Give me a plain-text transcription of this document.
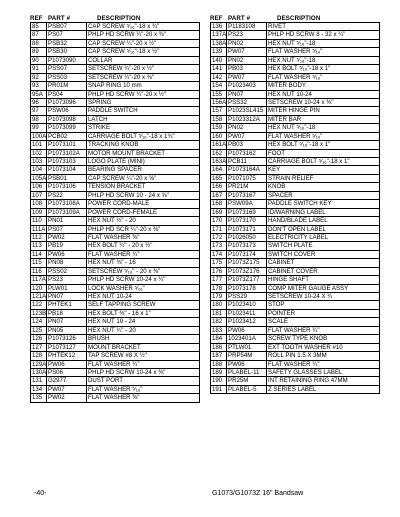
REF PART #	DESCRIPTION
85	PSB07	CAP SCREW ⁵⁄₁₆"-18 x ¾"
87	PS07	PHLP HD SCRW ¼"-20 x ⅜"
88	PSB32	CAP SCREW ¼"-20 x ½"
89	PSB30	CAP SCREW ⁵⁄₁₆"-18 x ½"
90	P1073090	COLLAR
91	PSS07	SETSCREW ¼"-20 x ½"
92	PSS03	SETSCREW ¼"-20 x ⅜"
93	PR01M	SNAP RING 10 mm
95A PS04	PHLP HD SCRW ¼"-20 x ½"
96	P1073096	SPRING
97	PSW06	PADDLE SWITCH
98	P1073098	LATCH
99	P1073099	STRIKE
100A PCB02	CARRIAGE BOLT ⁵⁄₁₆"-18 x 1¾"
101 P1073101	TRACKING KNOB
102 P1073102A	MOTOR MOUNT BRACKET
103 P1073103	LOGO PLATE (MINI)
104 P1073104	BEARING SPACER
105A PSB01	CAP SCREW ¼"-20 x ⅝"
106 P1073106	TENSION BRACKET
107 PS22	PHLP HD SCRW 10 - 24 x ⅝"
108 P1073108A	POWER CORD-MALE
109 P1073109A	POWER CORD-FEMALE
110	PN01	HEX NUT ½" - 20
111A PS07	PHLP HD SCR ¼"-20 x ⅜"
112	PW02	FLAT WASHER ⅜"
113	PB19	HEX BOLT ¼" - 20 x ½"
114	PW06	FLAT WASHER ¼"
115	PN08	HEX NUT ⅜" - 16
116	PSS02	SETSCREW ⁵⁄₁₆" - 20 x ⅜"
117A PS23	PHLP HD SCRW 10-24 x ¼"
120 PLW01	LOCK WASHER ⁵⁄₁₆"
121A PN07	HEX NUT 10-24
122 PHTEK1	SELF TAPPING SCREW
123B PB18	HEX BOLT ⅜" - 16 x 1"
124 PN07	HEX NUT 10 - 24
125 PN05	HEX NUT ¼" - 20
126 P1073126	BRUSH
127 P1073127	MOUNT BRACKET
128 PHTEK12	TAP SCREW #8 X ½"
129A PW06	FLAT WASHER ¼"
130A PS06	PHLP HD SCRW 10-24 x ⅜"
131 G2977	DUST PORT
134 PW07	FLAT WASHER ⁵⁄₁₆"
135 PW02	FLAT WASHER ⅜"
REF PART #	DESCRIPTION
136 P1183108	RIVET
137A PS23	PHLP HD SCRW 8 - 32 x ¼"
138A PN02	HEX NUT ⁵⁄₁₆"-18
139 PW07	FLAT WASHER ⁵⁄₁₆"
140 PN02	HEX NUT ⁵⁄₁₆"-18
141 PB03	HEX BOLT ⁵⁄₁₆"-18 x 1"
142 PW07	FLAT WASHER ⁵⁄₁₆"
154 P1023403	MITER BODY
155 PN07	HEX NUT 10-24
156A PSS32	SETSCREW 10-24 x ⅜"
157 P1023SL415 MITER HINGE PIN
158 P1023312A	MITER BAR
159 PN02	HEX NUT ⁵⁄₁₆"-18
160 PW07	FLAT WASHER ⁵⁄₁₆"
161A PB03	HEX BOLT ⁵⁄₁₆"-18 x 1"
162 P1073162	FOOT
163A PCB11	CARRIAGE BOLT ⁵⁄₁₆"-18 x 1"
164 P1073164A	KEY
165 P1071075	STRAIN RELIEF
166 PR21M	KNOB
167 P1073167	SPACER
168 PSW09A	PADDLE SWITCH KEY
169 P1073169	ID/WARNING LABEL
170 P1073170	HAND/BLADE LABEL
171 P1073171	DON'T OPEN LABEL
172 P1026050	ELECTRICITY LABEL
173 P1073173	SWITCH PLATE
174 P1073174	SWITCH COVER
175 P1073Z175	CABINET
176 P1073Z176	CABINET COVER
177 P1073Z177	HINGE SHAFT
178 P1073178	COMP MITER GAUGE ASSY
179 PSS29	SETSCREW 10-24 X ¼
180 P1023410	STOP
181 P1023411	POINTER
182 P1023412	SCALE
183 PW06	FLAT WASHER ¼"
184 1023401A	SCREW TYPE KNOB
186 PTLW01	EXT TOOTH WASHER #10
187 PRP54M	ROLL PIN 1.5 X 3MM
188 PW06	FLAT WASHER ¼"
189 PLABEL-11	SAFETY GLASSES LABEL
190 PR25M	INT RETAINING RING 47MM
191 PLABEL-5	Z SERIES LABEL
-40-	G1073/G1073Z 16" Bandsaw
